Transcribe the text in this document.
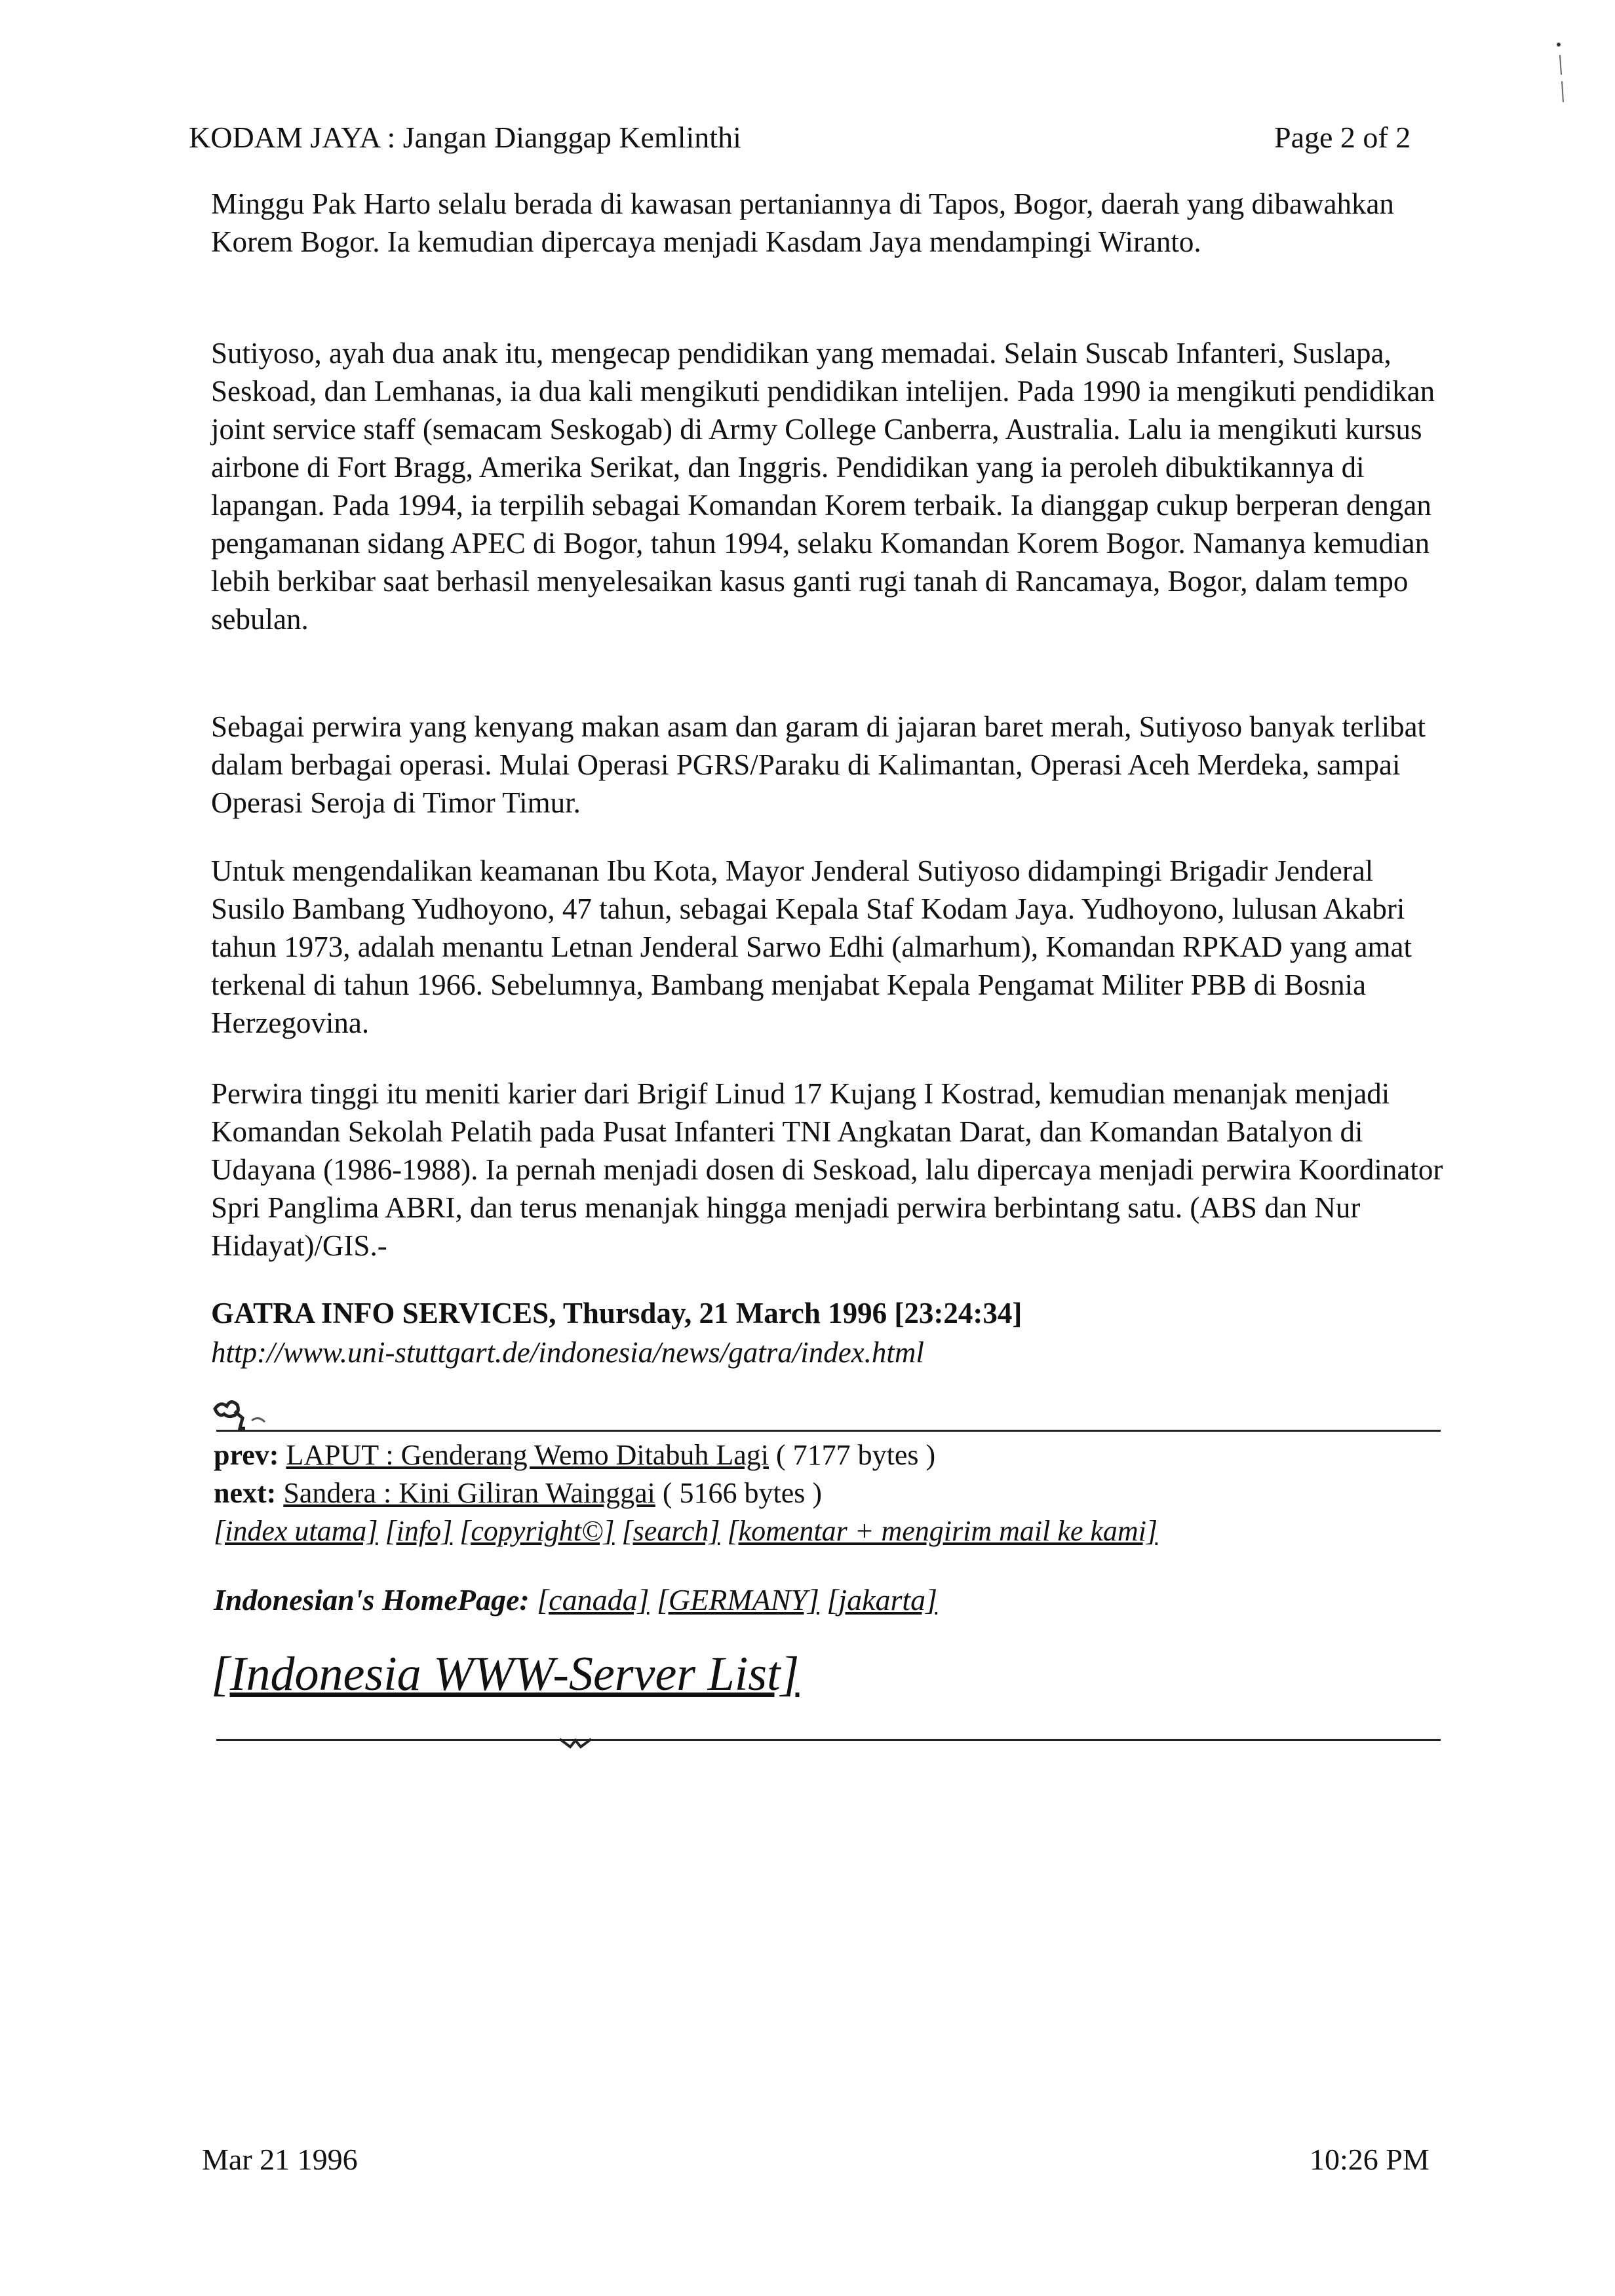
KODAM JAYA : Jangan Dianggap Kemlinthi	Page 2 of 2

Minggu Pak Harto selalu berada di kawasan pertaniannya di Tapos, Bogor, daerah yang dibawahkan Korem Bogor. Ia kemudian dipercaya menjadi Kasdam Jaya mendampingi Wiranto.

Sutiyoso, ayah dua anak itu, mengecap pendidikan yang memadai. Selain Suscab Infanteri, Suslapa, Seskoad, dan Lemhanas, ia dua kali mengikuti pendidikan intelijen. Pada 1990 ia mengikuti pendidikan joint service staff (semacam Seskogab) di Army College Canberra, Australia. Lalu ia mengikuti kursus airbone di Fort Bragg, Amerika Serikat, dan Inggris. Pendidikan yang ia peroleh dibuktikannya di lapangan. Pada 1994, ia terpilih sebagai Komandan Korem terbaik. Ia dianggap cukup berperan dengan pengamanan sidang APEC di Bogor, tahun 1994, selaku Komandan Korem Bogor. Namanya kemudian lebih berkibar saat berhasil menyelesaikan kasus ganti rugi tanah di Rancamaya, Bogor, dalam tempo sebulan.

Sebagai perwira yang kenyang makan asam dan garam di jajaran baret merah, Sutiyoso banyak terlibat dalam berbagai operasi. Mulai Operasi PGRS/Paraku di Kalimantan, Operasi Aceh Merdeka, sampai Operasi Seroja di Timor Timur.

Untuk mengendalikan keamanan Ibu Kota, Mayor Jenderal Sutiyoso didampingi Brigadir Jenderal Susilo Bambang Yudhoyono, 47 tahun, sebagai Kepala Staf Kodam Jaya. Yudhoyono, lulusan Akabri tahun 1973, adalah menantu Letnan Jenderal Sarwo Edhi (almarhum), Komandan RPKAD yang amat terkenal di tahun 1966. Sebelumnya, Bambang menjabat Kepala Pengamat Militer PBB di Bosnia Herzegovina.

Perwira tinggi itu meniti karier dari Brigif Linud 17 Kujang I Kostrad, kemudian menanjak menjadi Komandan Sekolah Pelatih pada Pusat Infanteri TNI Angkatan Darat, dan Komandan Batalyon di Udayana (1986-1988). Ia pernah menjadi dosen di Seskoad, lalu dipercaya menjadi perwira Koordinator Spri Panglima ABRI, dan terus menanjak hingga menjadi perwira berbintang satu. (ABS dan Nur Hidayat)/GIS.-

GATRA INFO SERVICES, Thursday, 21 March 1996 [23:24:34]
http://www.uni-stuttgart.de/indonesia/news/gatra/index.html
prev: LAPUT : Genderang Wemo Ditabuh Lagi ( 7177 bytes )
next: Sandera : Kini Giliran Wainggai ( 5166 bytes )
[index utama] [info] [copyright©] [search] [komentar + mengirim mail ke kami]
Indonesian's HomePage: [canada] [GERMANY] [jakarta]
[Indonesia WWW-Server List]
Mar 21 1996	10:26 PM
